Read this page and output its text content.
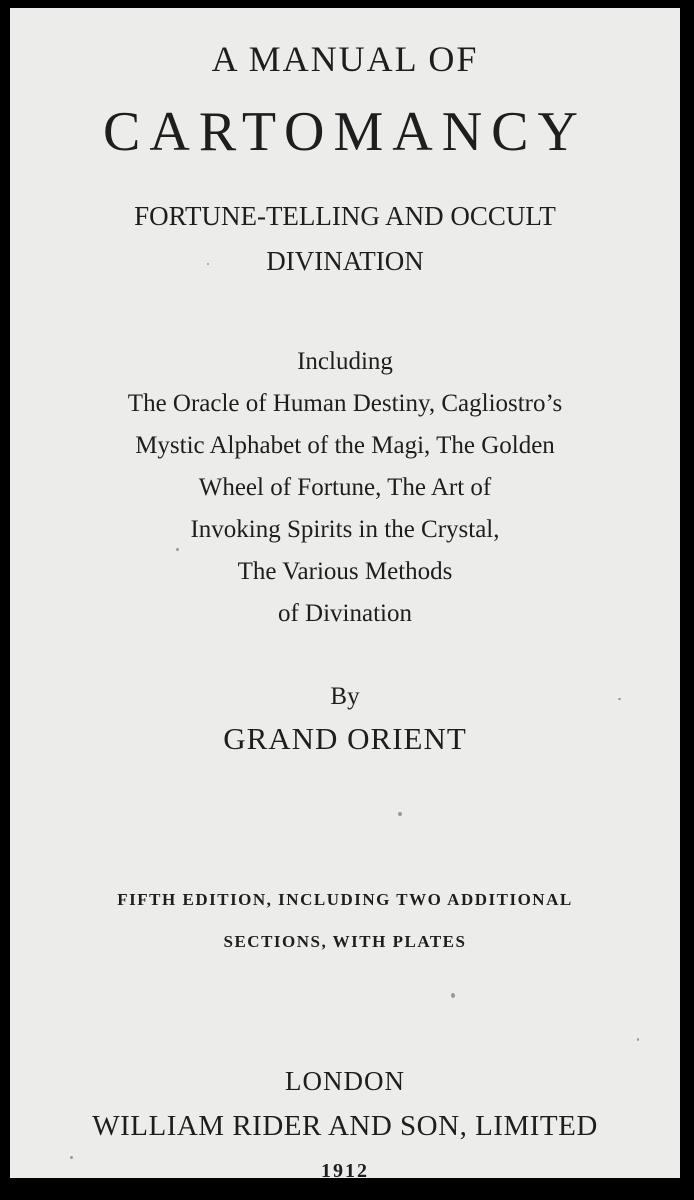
A MANUAL OF

CARTOMANCY

FORTUNE-TELLING AND OCCULT

DIVINATION

Including

The Oracle of Human Destiny, Cagliostro’s

Mystic Alphabet of the Magi, The Golden

Wheel of Fortune, The Art of

Invoking Spirits in the Crystal,

The Various Methods

of Divination

By

GRAND ORIENT

FIFTH EDITION, INCLUDING TWO ADDITIONAL

SECTIONS, WITH PLATES

LONDON

WILLIAM RIDER AND SON, LIMITED

1912
